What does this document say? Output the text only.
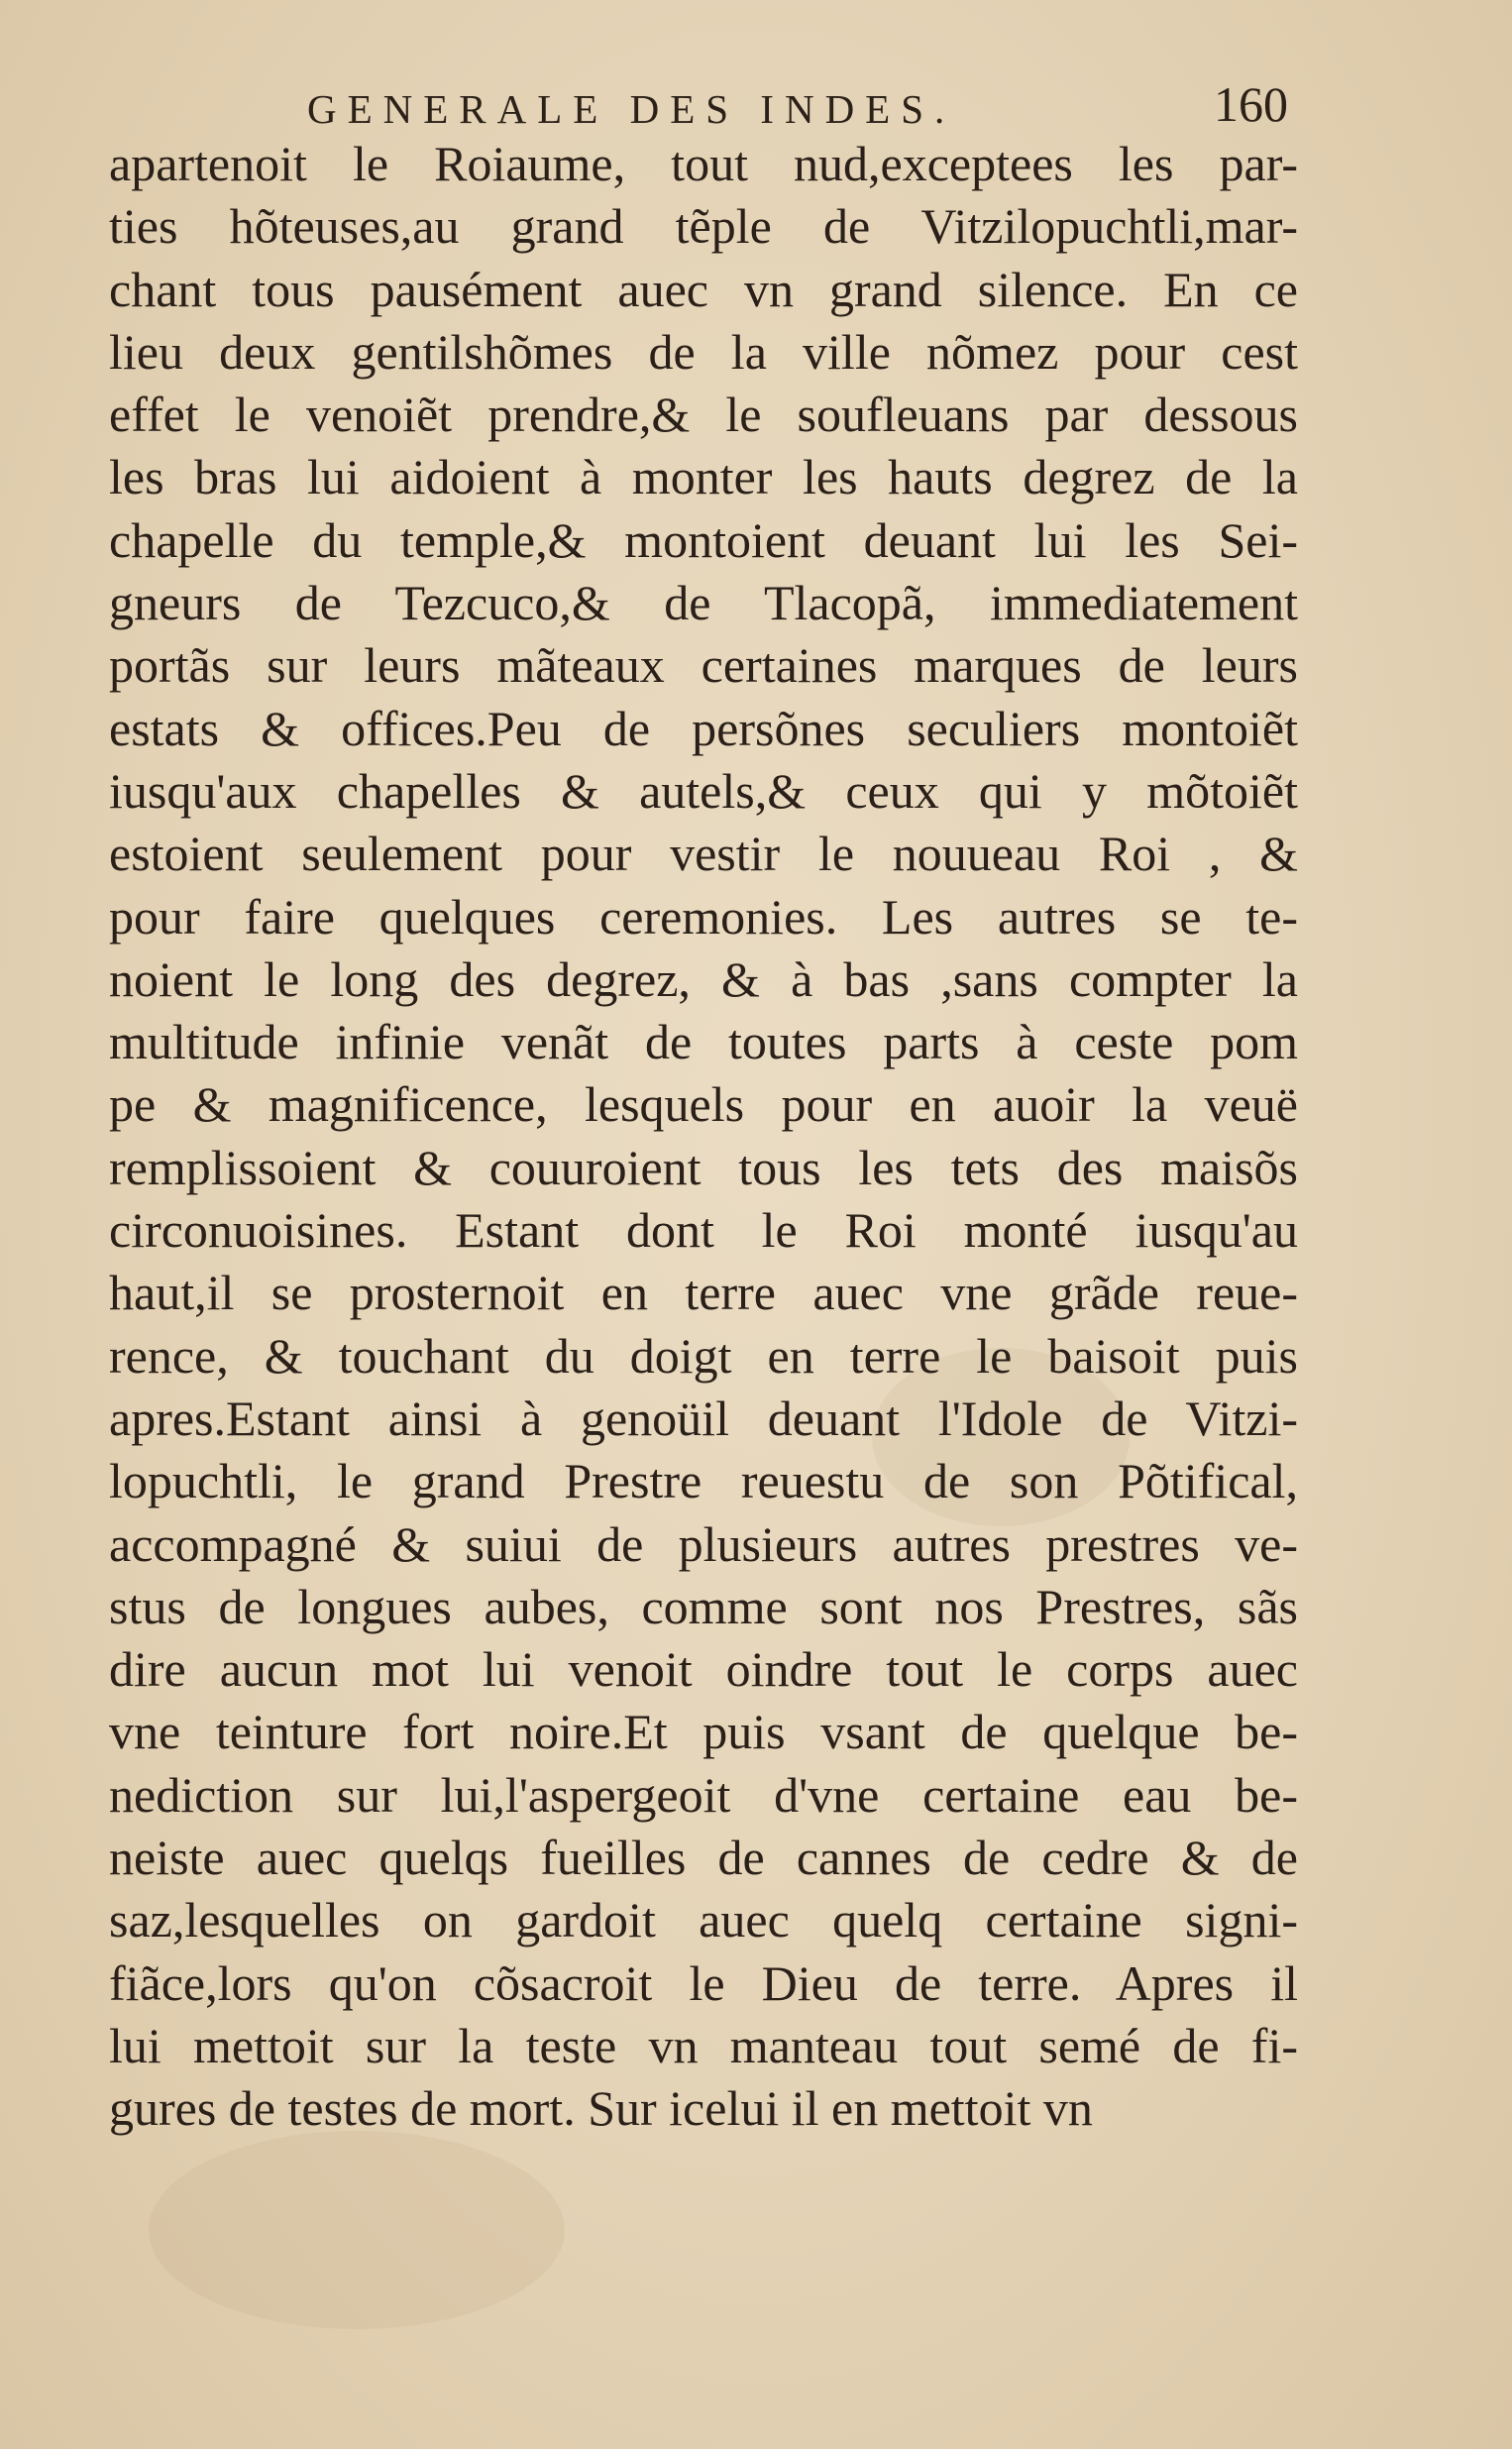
GENERALE DES INDES.	160
apartenoit le Roiaume, tout nud,exceptees les par-
ties hõteuses,au grand tẽple de Vitzilopuchtli,mar-
chant tous pausément auec vn grand silence. En ce
lieu deux gentilshõmes de la ville nõmez pour cest
effet le venoiẽt prendre,& le soufleuans par dessous
les bras lui aidoient à monter les hauts degrez de la
chapelle du temple,& montoient deuant lui les Sei-
gneurs de Tezcuco,& de Tlacopã, immediatement
portãs sur leurs mãteaux certaines marques de leurs
estats & offices.Peu de persõnes seculiers montoiẽt
iusqu'aux chapelles & autels,& ceux qui y mõtoiẽt
estoient seulement pour vestir le nouueau Roi , &
pour faire quelques ceremonies. Les autres se te-
noient le long des degrez, & à bas ,sans compter la
multitude infinie venãt de toutes parts à ceste pom
pe & magnificence, lesquels pour en auoir la veuë
remplissoient & couuroient tous les tets des maisõs
circonuoisines. Estant dont le Roi monté iusqu'au
haut,il se prosternoit en terre auec vne grãde reue-
rence, & touchant du doigt en terre le baisoit puis
apres.Estant ainsi à genoüil deuant l'Idole de Vitzi-
lopuchtli, le grand Prestre reuestu de son Põtifical,
accompagné & suiui de plusieurs autres prestres ve-
stus de longues aubes, comme sont nos Prestres, sãs
dire aucun mot lui venoit oindre tout le corps auec
vne teinture fort noire.Et puis vsant de quelque be-
nediction sur lui,l'aspergeoit d'vne certaine eau be-
neiste auec quelqs fueilles de cannes de cedre & de
saz,lesquelles on gardoit auec quelq certaine signi-
fiãce,lors qu'on cõsacroit le Dieu de terre. Apres il
lui mettoit sur la teste vn manteau tout semé de fi-
gures de testes de mort. Sur icelui il en mettoit vn
